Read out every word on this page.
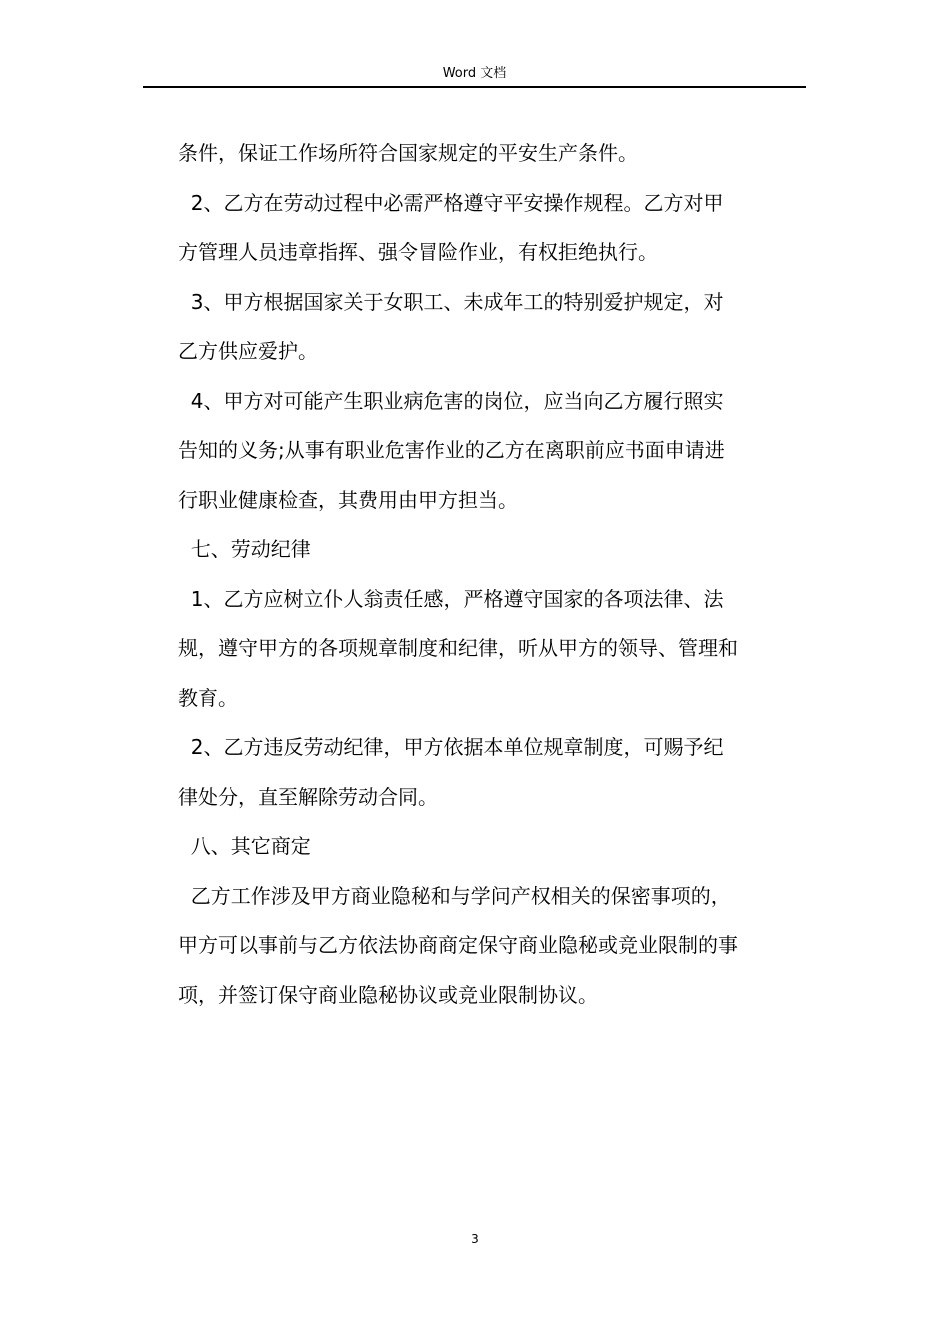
Word 文档
条件，保证工作场所符合国家规定的平安生产条件。
2、乙方在劳动过程中必需严格遵守平安操作规程。乙方对甲
方管理人员违章指挥、强令冒险作业，有权拒绝执行。
3、甲方根据国家关于女职工、未成年工的特别爱护规定，对
乙方供应爱护。
4、甲方对可能产生职业病危害的岗位，应当向乙方履行照实
告知的义务;从事有职业危害作业的乙方在离职前应书面申请进
行职业健康检查，其费用由甲方担当。
七、劳动纪律
1、乙方应树立仆人翁责任感，严格遵守国家的各项法律、法
规，遵守甲方的各项规章制度和纪律，听从甲方的领导、管理和
教育。
2、乙方违反劳动纪律，甲方依据本单位规章制度，可赐予纪
律处分，直至解除劳动合同。
八、其它商定
乙方工作涉及甲方商业隐秘和与学问产权相关的保密事项的，
甲方可以事前与乙方依法协商商定保守商业隐秘或竞业限制的事
项，并签订保守商业隐秘协议或竞业限制协议。
3
